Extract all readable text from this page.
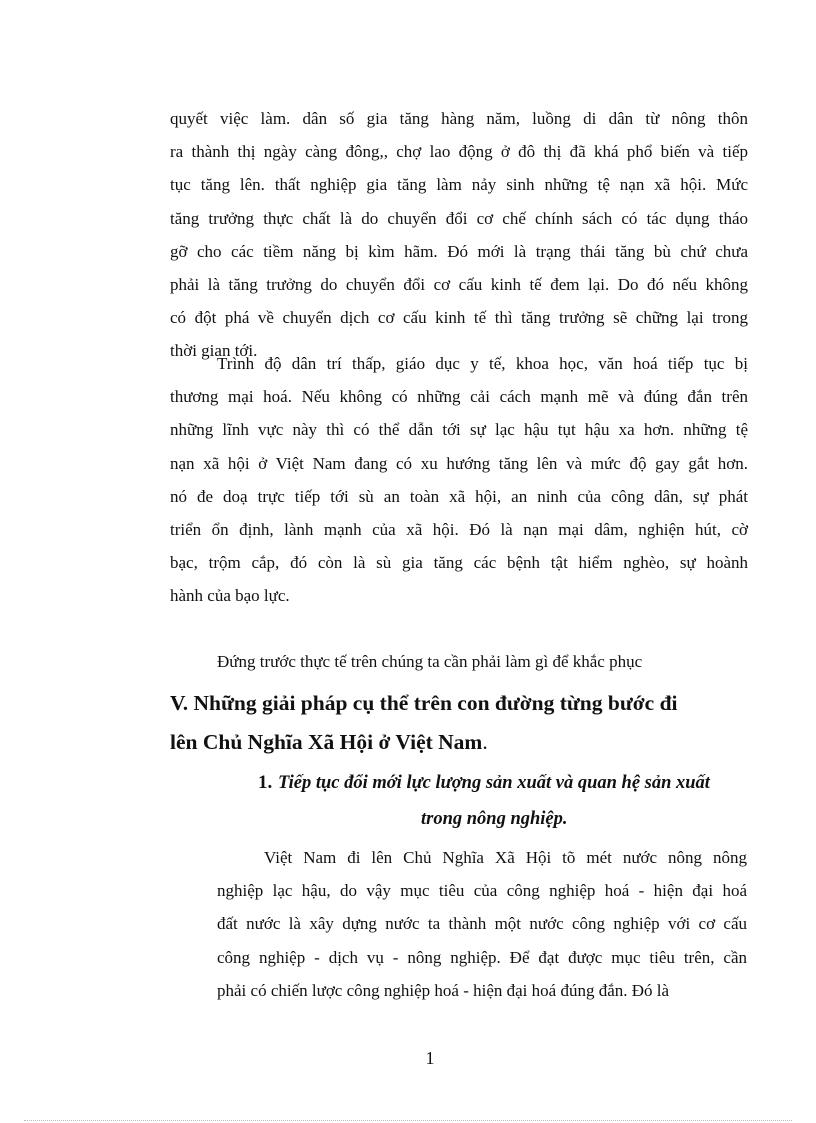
quyết việc làm. dân số gia tăng hàng năm, luồng di dân từ nông thôn
ra thành thị ngày càng đông,, chợ lao động ở đô thị đã khá phổ biến và tiếp
tục tăng lên. thất nghiệp gia tăng làm nảy sinh những tệ nạn xã hội. Mức
tăng trưởng thực chất là do chuyển đổi cơ chế chính sách có tác dụng tháo
gỡ cho các tiềm năng bị kìm hãm. Đó mới là trạng thái tăng bù chứ chưa
phải là tăng trưởng do chuyển đổi cơ cấu kinh tế đem lại. Do đó nếu không
có đột phá về chuyển dịch cơ cấu kinh tế thì tăng trưởng sẽ chững lại trong
thời gian tới.
Trình độ dân trí thấp, giáo dục y tế, khoa học, văn hoá tiếp tục bị
thương mại hoá. Nếu không có những cải cách mạnh mẽ và đúng đắn trên
những lĩnh vực này thì có thể dẫn tới sự lạc hậu tụt hậu xa hơn. những tệ
nạn xã hội ở Việt Nam đang có xu hướng tăng lên và mức độ gay gắt hơn.
nó đe doạ trực tiếp tới sù an toàn xã hội, an ninh của công dân, sự phát
triển ổn định, lành mạnh của xã hội. Đó là nạn mại dâm, nghiện hút, cờ
bạc, trộm cắp, đó còn là sù gia tăng các bệnh tật hiểm nghèo, sự hoành
hành của bạo lực.

Đứng trước thực tế trên chúng ta cần phải làm gì để khắc phục

V. Những giải pháp cụ thể trên con đường từng bước đi
lên Chủ Nghĩa Xã Hội ở Việt Nam.
1. Tiếp tục đổi mới lực lượng sản xuất và quan hệ sản xuất
trong nông nghiệp.
Việt Nam đi lên Chủ Nghĩa Xã Hội tõ mét nước nông nông
nghiệp lạc hậu, do vậy mục tiêu của công nghiệp hoá - hiện đại hoá
đất nước là xây dựng nước ta thành một nước công nghiệp với cơ cấu
công nghiệp - dịch vụ - nông nghiệp. Để đạt được mục tiêu trên, cần
phải có chiến lược công nghiệp hoá - hiện đại hoá đúng đắn. Đó là
1
